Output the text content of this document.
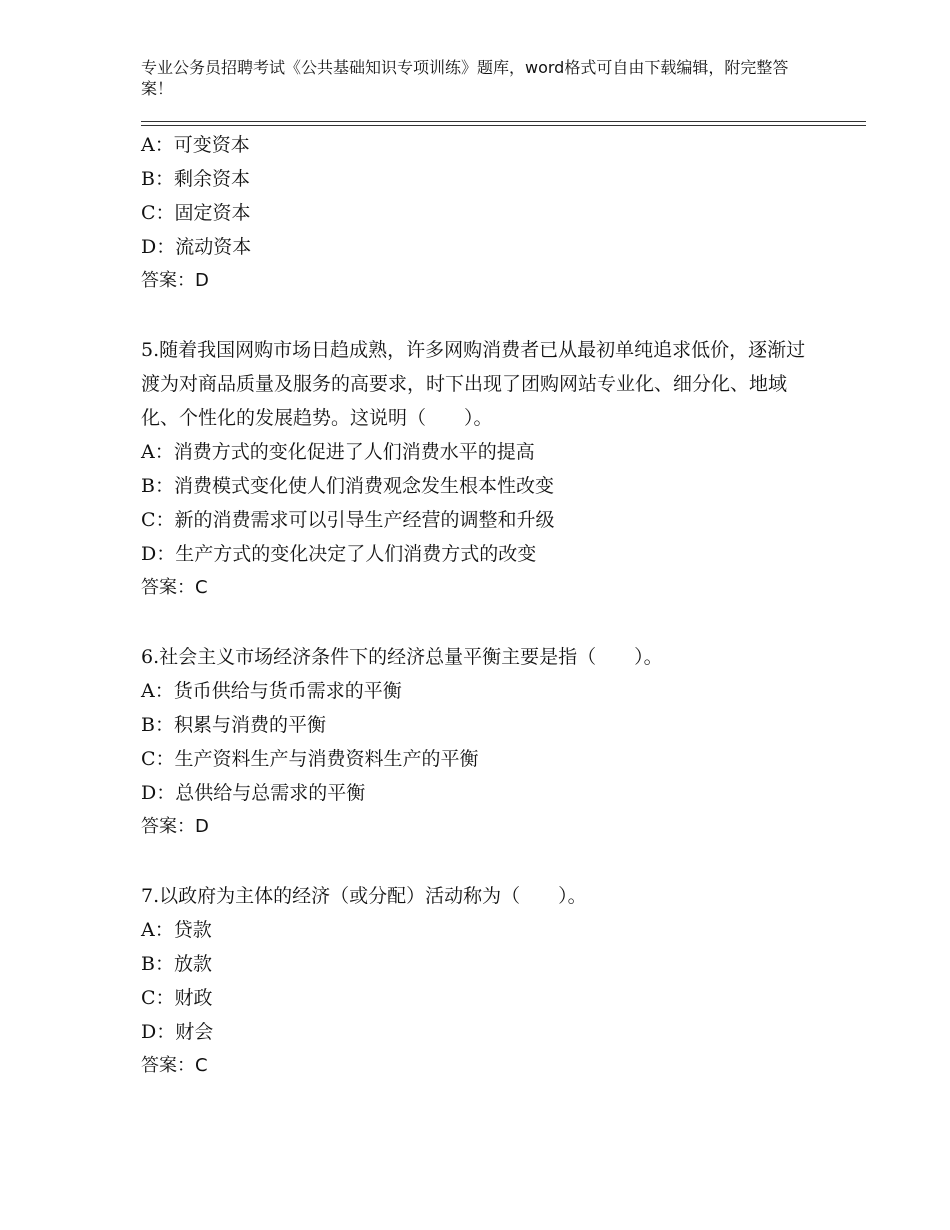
专业公务员招聘考试《公共基础知识专项训练》题库，word格式可自由下载编辑，附完整答案！
A：可变资本
B：剩余资本
C：固定资本
D：流动资本
答案：D
5.随着我国网购市场日趋成熟，许多网购消费者已从最初单纯追求低价，逐渐过渡为对商品质量及服务的高要求，时下出现了团购网站专业化、细分化、地域化、个性化的发展趋势。这说明（　　）。
A：消费方式的变化促进了人们消费水平的提高
B：消费模式变化使人们消费观念发生根本性改变
C：新的消费需求可以引导生产经营的调整和升级
D：生产方式的变化决定了人们消费方式的改变
答案：C
6.社会主义市场经济条件下的经济总量平衡主要是指（　　）。
A：货币供给与货币需求的平衡
B：积累与消费的平衡
C：生产资料生产与消费资料生产的平衡
D：总供给与总需求的平衡
答案：D
7.以政府为主体的经济（或分配）活动称为（　　）。
A：贷款
B：放款
C：财政
D：财会
答案：C
